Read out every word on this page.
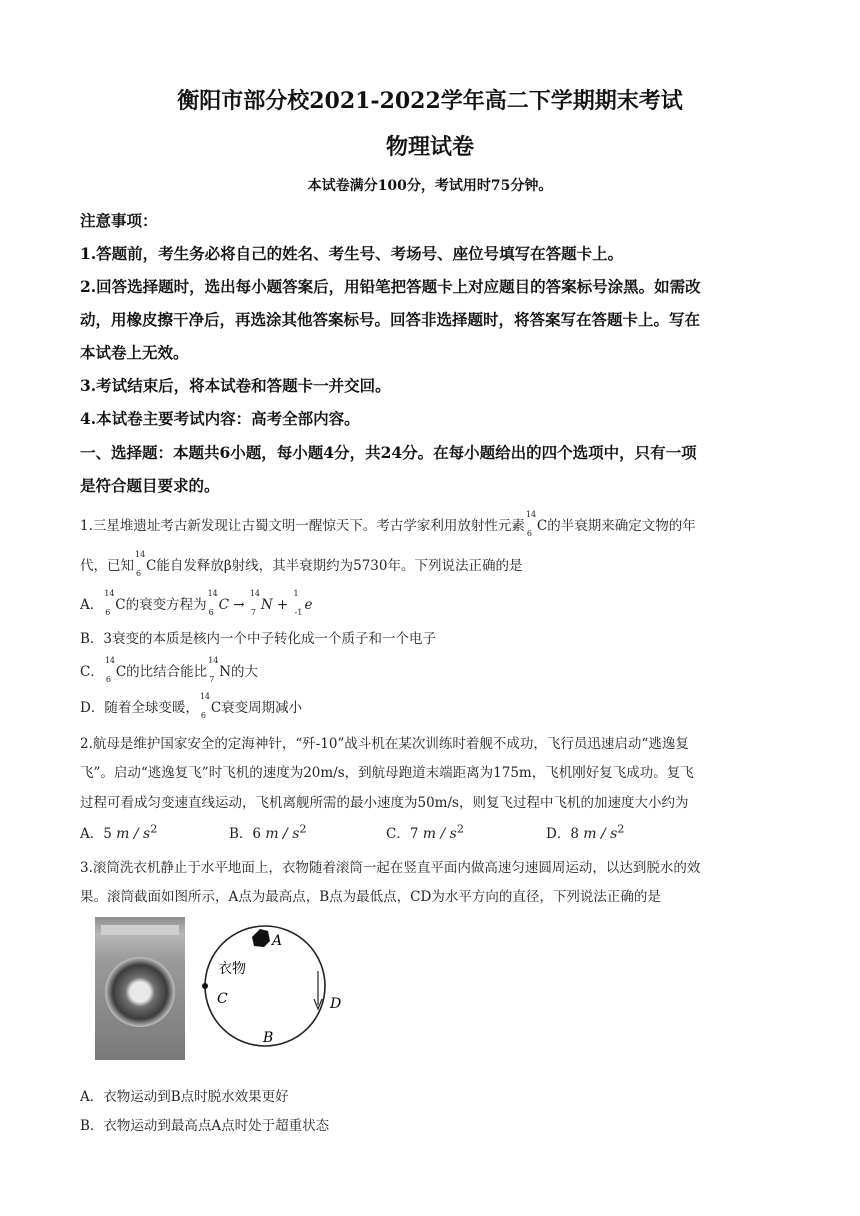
衡阳市部分校2021-2022学年高二下学期期末考试
物理试卷
本试卷满分100分，考试用时75分钟。
注意事项：
1.答题前，考生务必将自己的姓名、考生号、考场号、座位号填写在答题卡上。
2.回答选择题时，选出每小题答案后，用铅笔把答题卡上对应题目的答案标号涂黑。如需改
动，用橡皮擦干净后，再选涂其他答案标号。回答非选择题时，将答案写在答题卡上。写在
本试卷上无效。
3.考试结束后，将本试卷和答题卡一并交回。
4.本试卷主要考试内容：高考全部内容。
一、选择题：本题共6小题，每小题4分，共24分。在每小题给出的四个选项中，只有一项
是符合题目要求的。
1.三星堆遗址考古新发现让古蜀文明一醒惊天下。考古学家利用放射性元素
14
6 C的半衰期来确定文物的年
代，已知
14
6 C能自发释放β射线，其半衰期约为5730年。下列说法正确的是
A．
14
6 C的衰变方程为
14
6 C →
14
7 N +
1
-1 e
B．3衰变的本质是核内一个中子转化成一个质子和一个电子
C．
14
6 C的比结合能比
14
7 N的大
D．随着全球变暖，
14
6 C衰变周期减小
2.航母是维护国家安全的定海神针，“歼-10”战斗机在某次训练时着舰不成功，飞行员迅速启动“逃逸复
飞”。启动“逃逸复飞”时飞机的速度为20m/s，到航母跑道末端距离为175m，飞机刚好复飞成功。复飞
过程可看成匀变速直线运动，飞机离舰所需的最小速度为50m/s，则复飞过程中飞机的加速度大小约为
A．5 m / $s^2$	B．6 m / $s^2$	C．7 m / $s^2$	D．8 m / $s^2$
3.滚筒洗衣机静止于水平地面上，衣物随着滚筒一起在竖直平面内做高速匀速圆周运动，以达到脱水的效
果。滚筒截面如图所示，A点为最高点，B点为最低点，CD为水平方向的直径，下列说法正确的是
A
B
C	D
衣物
A．衣物运动到B点时脱水效果更好
B．衣物运动到最高点A点时处于超重状态
